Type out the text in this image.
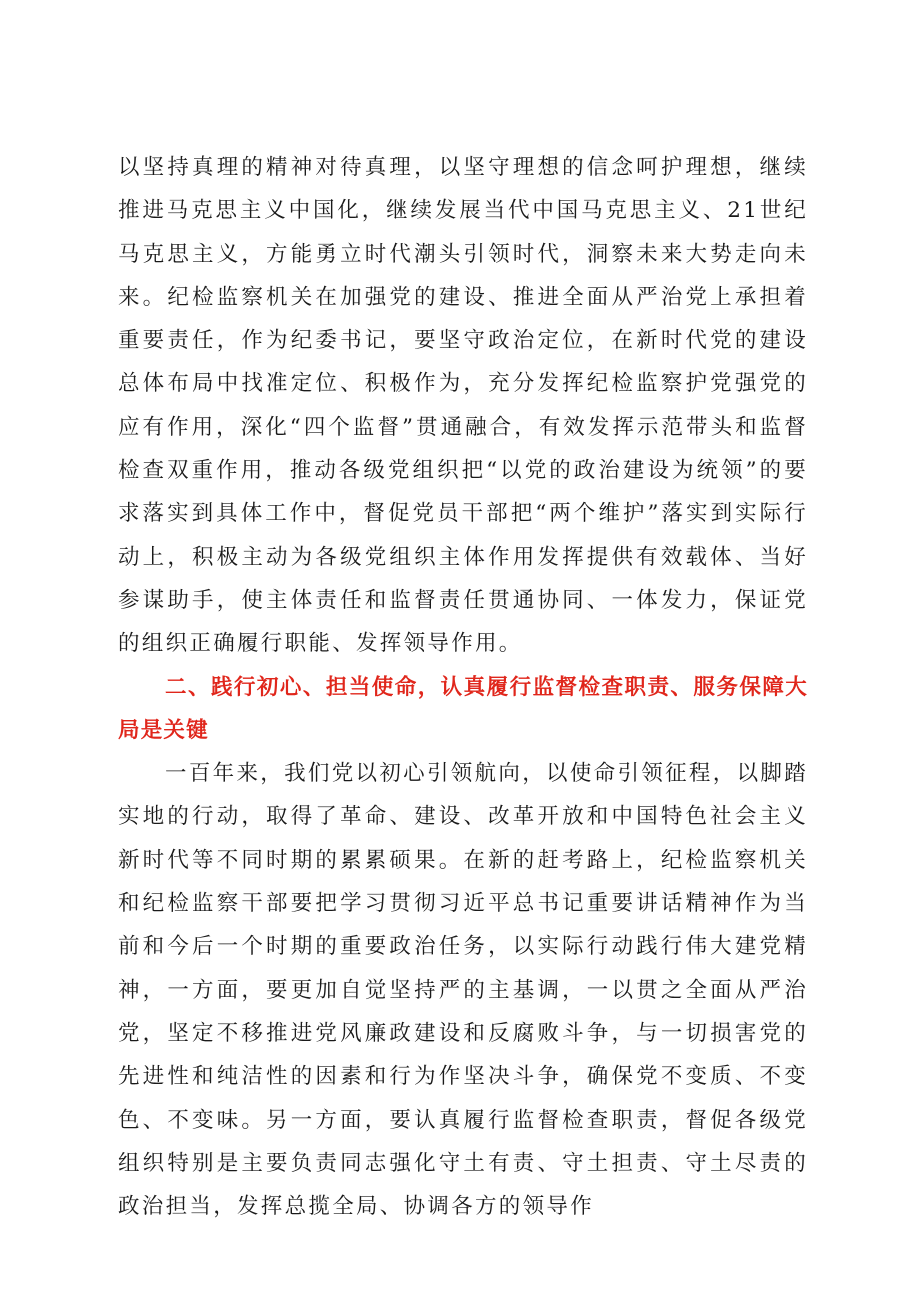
以坚持真理的精神对待真理，以坚守理想的信念呵护理想，继续推进马克思主义中国化，继续发展当代中国马克思主义、21世纪马克思主义，方能勇立时代潮头引领时代，洞察未来大势走向未来。纪检监察机关在加强党的建设、推进全面从严治党上承担着重要责任，作为纪委书记，要坚守政治定位，在新时代党的建设总体布局中找准定位、积极作为，充分发挥纪检监察护党强党的应有作用，深化“四个监督”贯通融合，有效发挥示范带头和监督检查双重作用，推动各级党组织把“以党的政治建设为统领”的要求落实到具体工作中，督促党员干部把“两个维护”落实到实际行动上，积极主动为各级党组织主体作用发挥提供有效载体、当好参谋助手，使主体责任和监督责任贯通协同、一体发力，保证党的组织正确履行职能、发挥领导作用。

二、践行初心、担当使命，认真履行监督检查职责、服务保障大局是关键

一百年来，我们党以初心引领航向，以使命引领征程，以脚踏实地的行动，取得了革命、建设、改革开放和中国特色社会主义新时代等不同时期的累累硕果。在新的赶考路上，纪检监察机关和纪检监察干部要把学习贯彻习近平总书记重要讲话精神作为当前和今后一个时期的重要政治任务，以实际行动践行伟大建党精神，一方面，要更加自觉坚持严的主基调，一以贯之全面从严治党，坚定不移推进党风廉政建设和反腐败斗争，与一切损害党的先进性和纯洁性的因素和行为作坚决斗争，确保党不变质、不变色、不变味。另一方面，要认真履行监督检查职责，督促各级党组织特别是主要负责同志强化守土有责、守土担责、守土尽责的政治担当，发挥总揽全局、协调各方的领导作
